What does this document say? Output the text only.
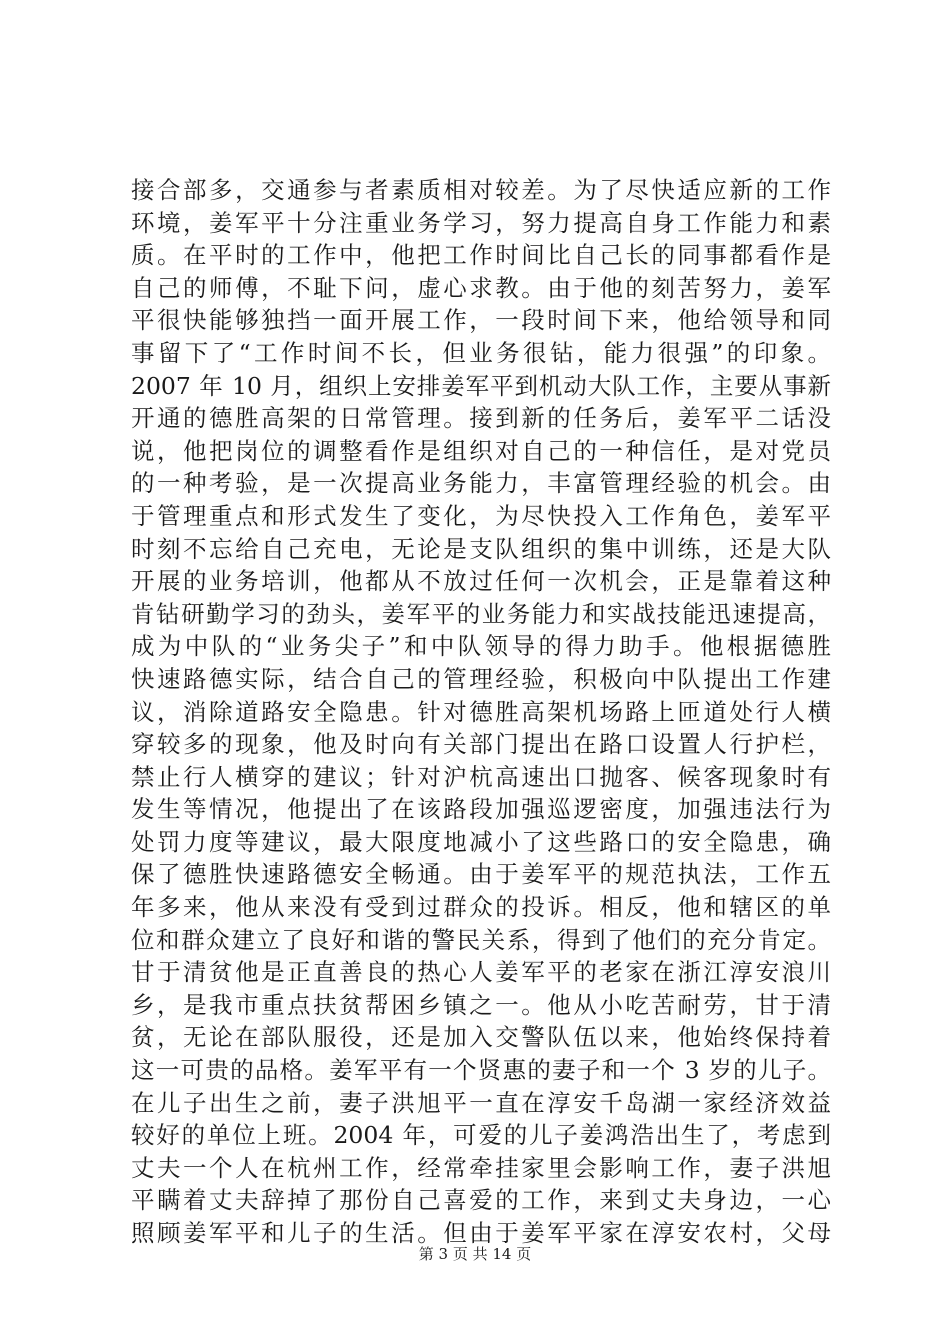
接合部多，交通参与者素质相对较差。为了尽快适应新的工作
环境，姜军平十分注重业务学习，努力提高自身工作能力和素
质。在平时的工作中，他把工作时间比自己长的同事都看作是
自己的师傅，不耻下问，虚心求教。由于他的刻苦努力，姜军
平很快能够独挡一面开展工作，一段时间下来，他给领导和同
事留下了“工作时间不长，但业务很钻，能力很强”的印象。
2007 年 10 月，组织上安排姜军平到机动大队工作，主要从事新
开通的德胜高架的日常管理。接到新的任务后，姜军平二话没
说，他把岗位的调整看作是组织对自己的一种信任，是对党员
的一种考验，是一次提高业务能力，丰富管理经验的机会。由
于管理重点和形式发生了变化，为尽快投入工作角色，姜军平
时刻不忘给自己充电，无论是支队组织的集中训练，还是大队
开展的业务培训，他都从不放过任何一次机会，正是靠着这种
肯钻研勤学习的劲头，姜军平的业务能力和实战技能迅速提高，
成为中队的“业务尖子”和中队领导的得力助手。他根据德胜
快速路德实际，结合自己的管理经验，积极向中队提出工作建
议，消除道路安全隐患。针对德胜高架机场路上匝道处行人横
穿较多的现象，他及时向有关部门提出在路口设置人行护栏，
禁止行人横穿的建议；针对沪杭高速出口抛客、候客现象时有
发生等情况，他提出了在该路段加强巡逻密度，加强违法行为
处罚力度等建议，最大限度地减小了这些路口的安全隐患，确
保了德胜快速路德安全畅通。由于姜军平的规范执法，工作五
年多来，他从来没有受到过群众的投诉。相反，他和辖区的单
位和群众建立了良好和谐的警民关系，得到了他们的充分肯定。
甘于清贫他是正直善良的热心人姜军平的老家在浙江淳安浪川
乡，是我市重点扶贫帮困乡镇之一。他从小吃苦耐劳，甘于清
贫，无论在部队服役，还是加入交警队伍以来，他始终保持着
这一可贵的品格。姜军平有一个贤惠的妻子和一个 3 岁的儿子。
在儿子出生之前，妻子洪旭平一直在淳安千岛湖一家经济效益
较好的单位上班。2004 年，可爱的儿子姜鸿浩出生了，考虑到
丈夫一个人在杭州工作，经常牵挂家里会影响工作，妻子洪旭
平瞒着丈夫辞掉了那份自己喜爱的工作，来到丈夫身边，一心
照顾姜军平和儿子的生活。但由于姜军平家在淳安农村，父母
第 3 页 共 14 页
